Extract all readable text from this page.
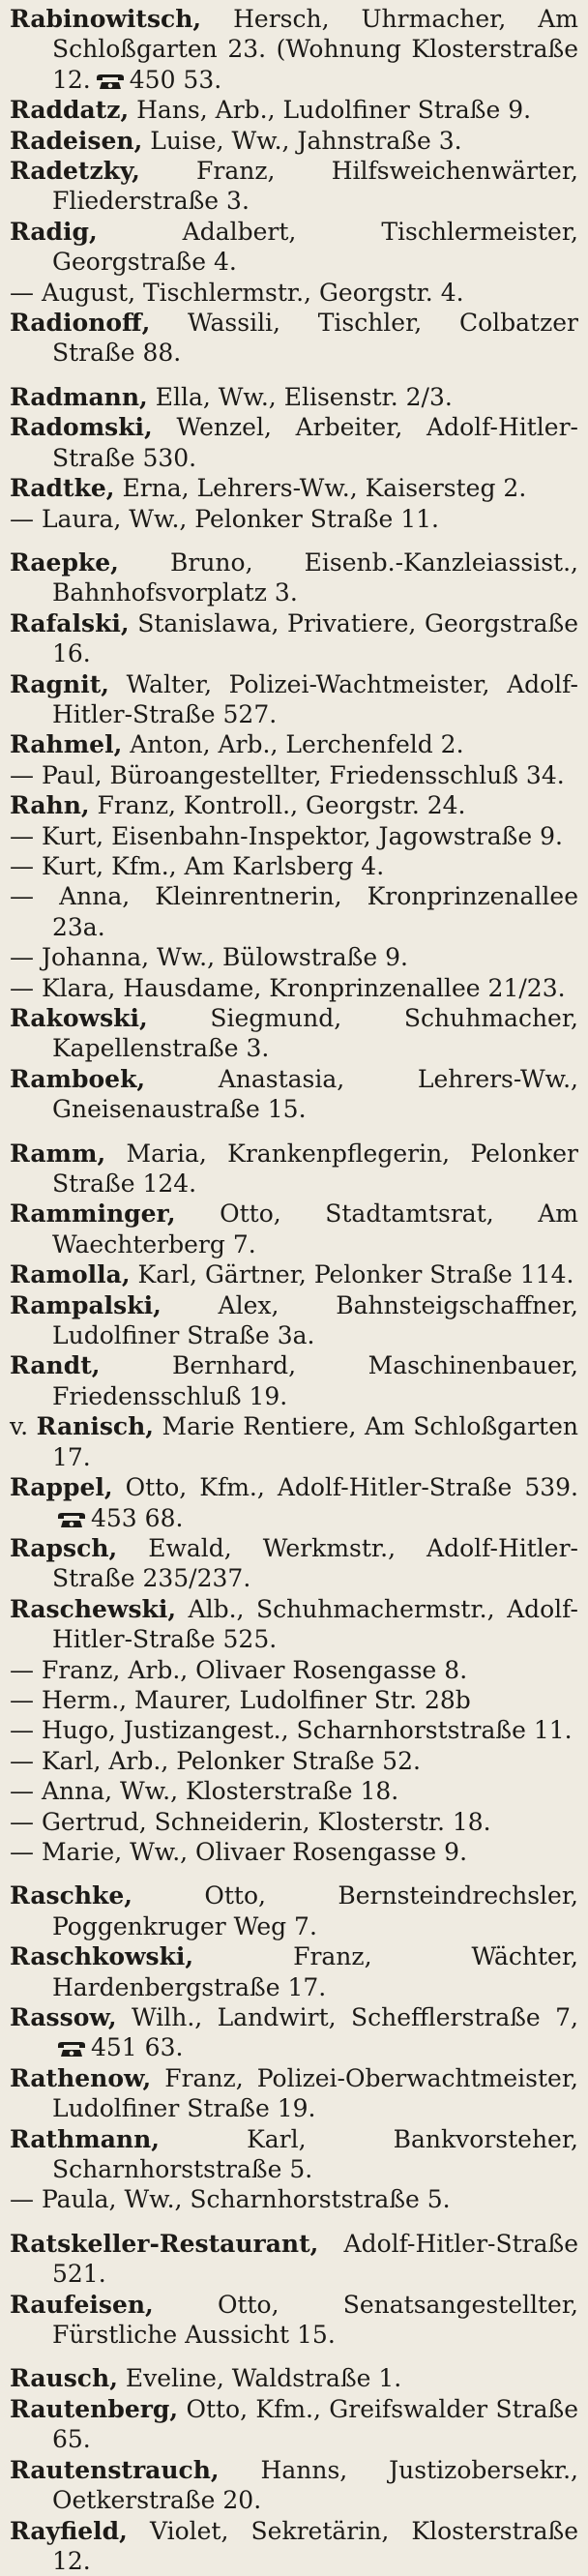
Rabinowitsch, Hersch, Uhrmacher, Am Schloßgarten 23. (Wohnung Klosterstraße 12. 450 53.

Raddatz, Hans, Arb., Ludolfiner Straße 9.

Radeisen, Luise, Ww., Jahnstraße 3.

Radetzky, Franz, Hilfsweichenwärter, Fliederstraße 3.

Radig, Adalbert, Tischlermeister, Georgstraße 4.

— August, Tischlermstr., Georgstr. 4.

Radionoff, Wassili, Tischler, Colbatzer Straße 88.

Radmann, Ella, Ww., Elisenstr. 2/3.

Radomski, Wenzel, Arbeiter, Adolf-Hitler-Straße 530.

Radtke, Erna, Lehrers-Ww., Kaisersteg 2.

— Laura, Ww., Pelonker Straße 11.

Raepke, Bruno, Eisenb.-Kanzleiassist., Bahnhofsvorplatz 3.

Rafalski, Stanislawa, Privatiere, Georgstraße 16.

Ragnit, Walter, Polizei-Wachtmeister, Adolf-Hitler-Straße 527.

Rahmel, Anton, Arb., Lerchenfeld 2.

— Paul, Büroangestellter, Friedensschluß 34.

Rahn, Franz, Kontroll., Georgstr. 24.

— Kurt, Eisenbahn-Inspektor, Jagowstraße 9.

— Kurt, Kfm., Am Karlsberg 4.

— Anna, Kleinrentnerin, Kronprinzenallee 23a.

— Johanna, Ww., Bülowstraße 9.

— Klara, Hausdame, Kronprinzenallee 21/23.

Rakowski, Siegmund, Schuhmacher, Kapellenstraße 3.

Ramboek, Anastasia, Lehrers-Ww., Gneisenaustraße 15.

Ramm, Maria, Krankenpflegerin, Pelonker Straße 124.

Ramminger, Otto, Stadtamtsrat, Am Waechterberg 7.

Ramolla, Karl, Gärtner, Pelonker Straße 114.

Rampalski, Alex, Bahnsteigschaffner, Ludolfiner Straße 3a.

Randt, Bernhard, Maschinenbauer, Friedensschluß 19.

v. Ranisch, Marie Rentiere, Am Schloßgarten 17.

Rappel, Otto, Kfm., Adolf-Hitler-Straße 539.453 68.

Rapsch, Ewald, Werkmstr., Adolf-Hitler-Straße 235/237.

Raschewski, Alb., Schuhmachermstr., Adolf-Hitler-Straße 525.

— Franz, Arb., Olivaer Rosengasse 8.

— Herm., Maurer, Ludolfiner Str. 28b

— Hugo, Justizangest., Scharnhorststraße 11.

— Karl, Arb., Pelonker Straße 52.

— Anna, Ww., Klosterstraße 18.

— Gertrud, Schneiderin, Klosterstr. 18.

— Marie, Ww., Olivaer Rosengasse 9.

Raschke, Otto, Bernsteindrechsler, Poggenkruger Weg 7.

Raschkowski, Franz, Wächter, Hardenbergstraße 17.

Rassow, Wilh., Landwirt, Schefflerstraße 7,451 63.

Rathenow, Franz, Polizei-Oberwachtmeister, Ludolfiner Straße 19.

Rathmann, Karl, Bankvorsteher, Scharnhorststraße 5.

— Paula, Ww., Scharnhorststraße 5.

Ratskeller-Restaurant, Adolf-Hitler-Straße 521.

Raufeisen, Otto, Senatsangestellter, Fürstliche Aussicht 15.

Rausch, Eveline, Waldstraße 1.

Rautenberg, Otto, Kfm., Greifswalder Straße 65.

Rautenstrauch, Hanns, Justizobersekr., Oetkerstraße 20.

Rayfield, Violet, Sekretärin, Klosterstraße 12.
